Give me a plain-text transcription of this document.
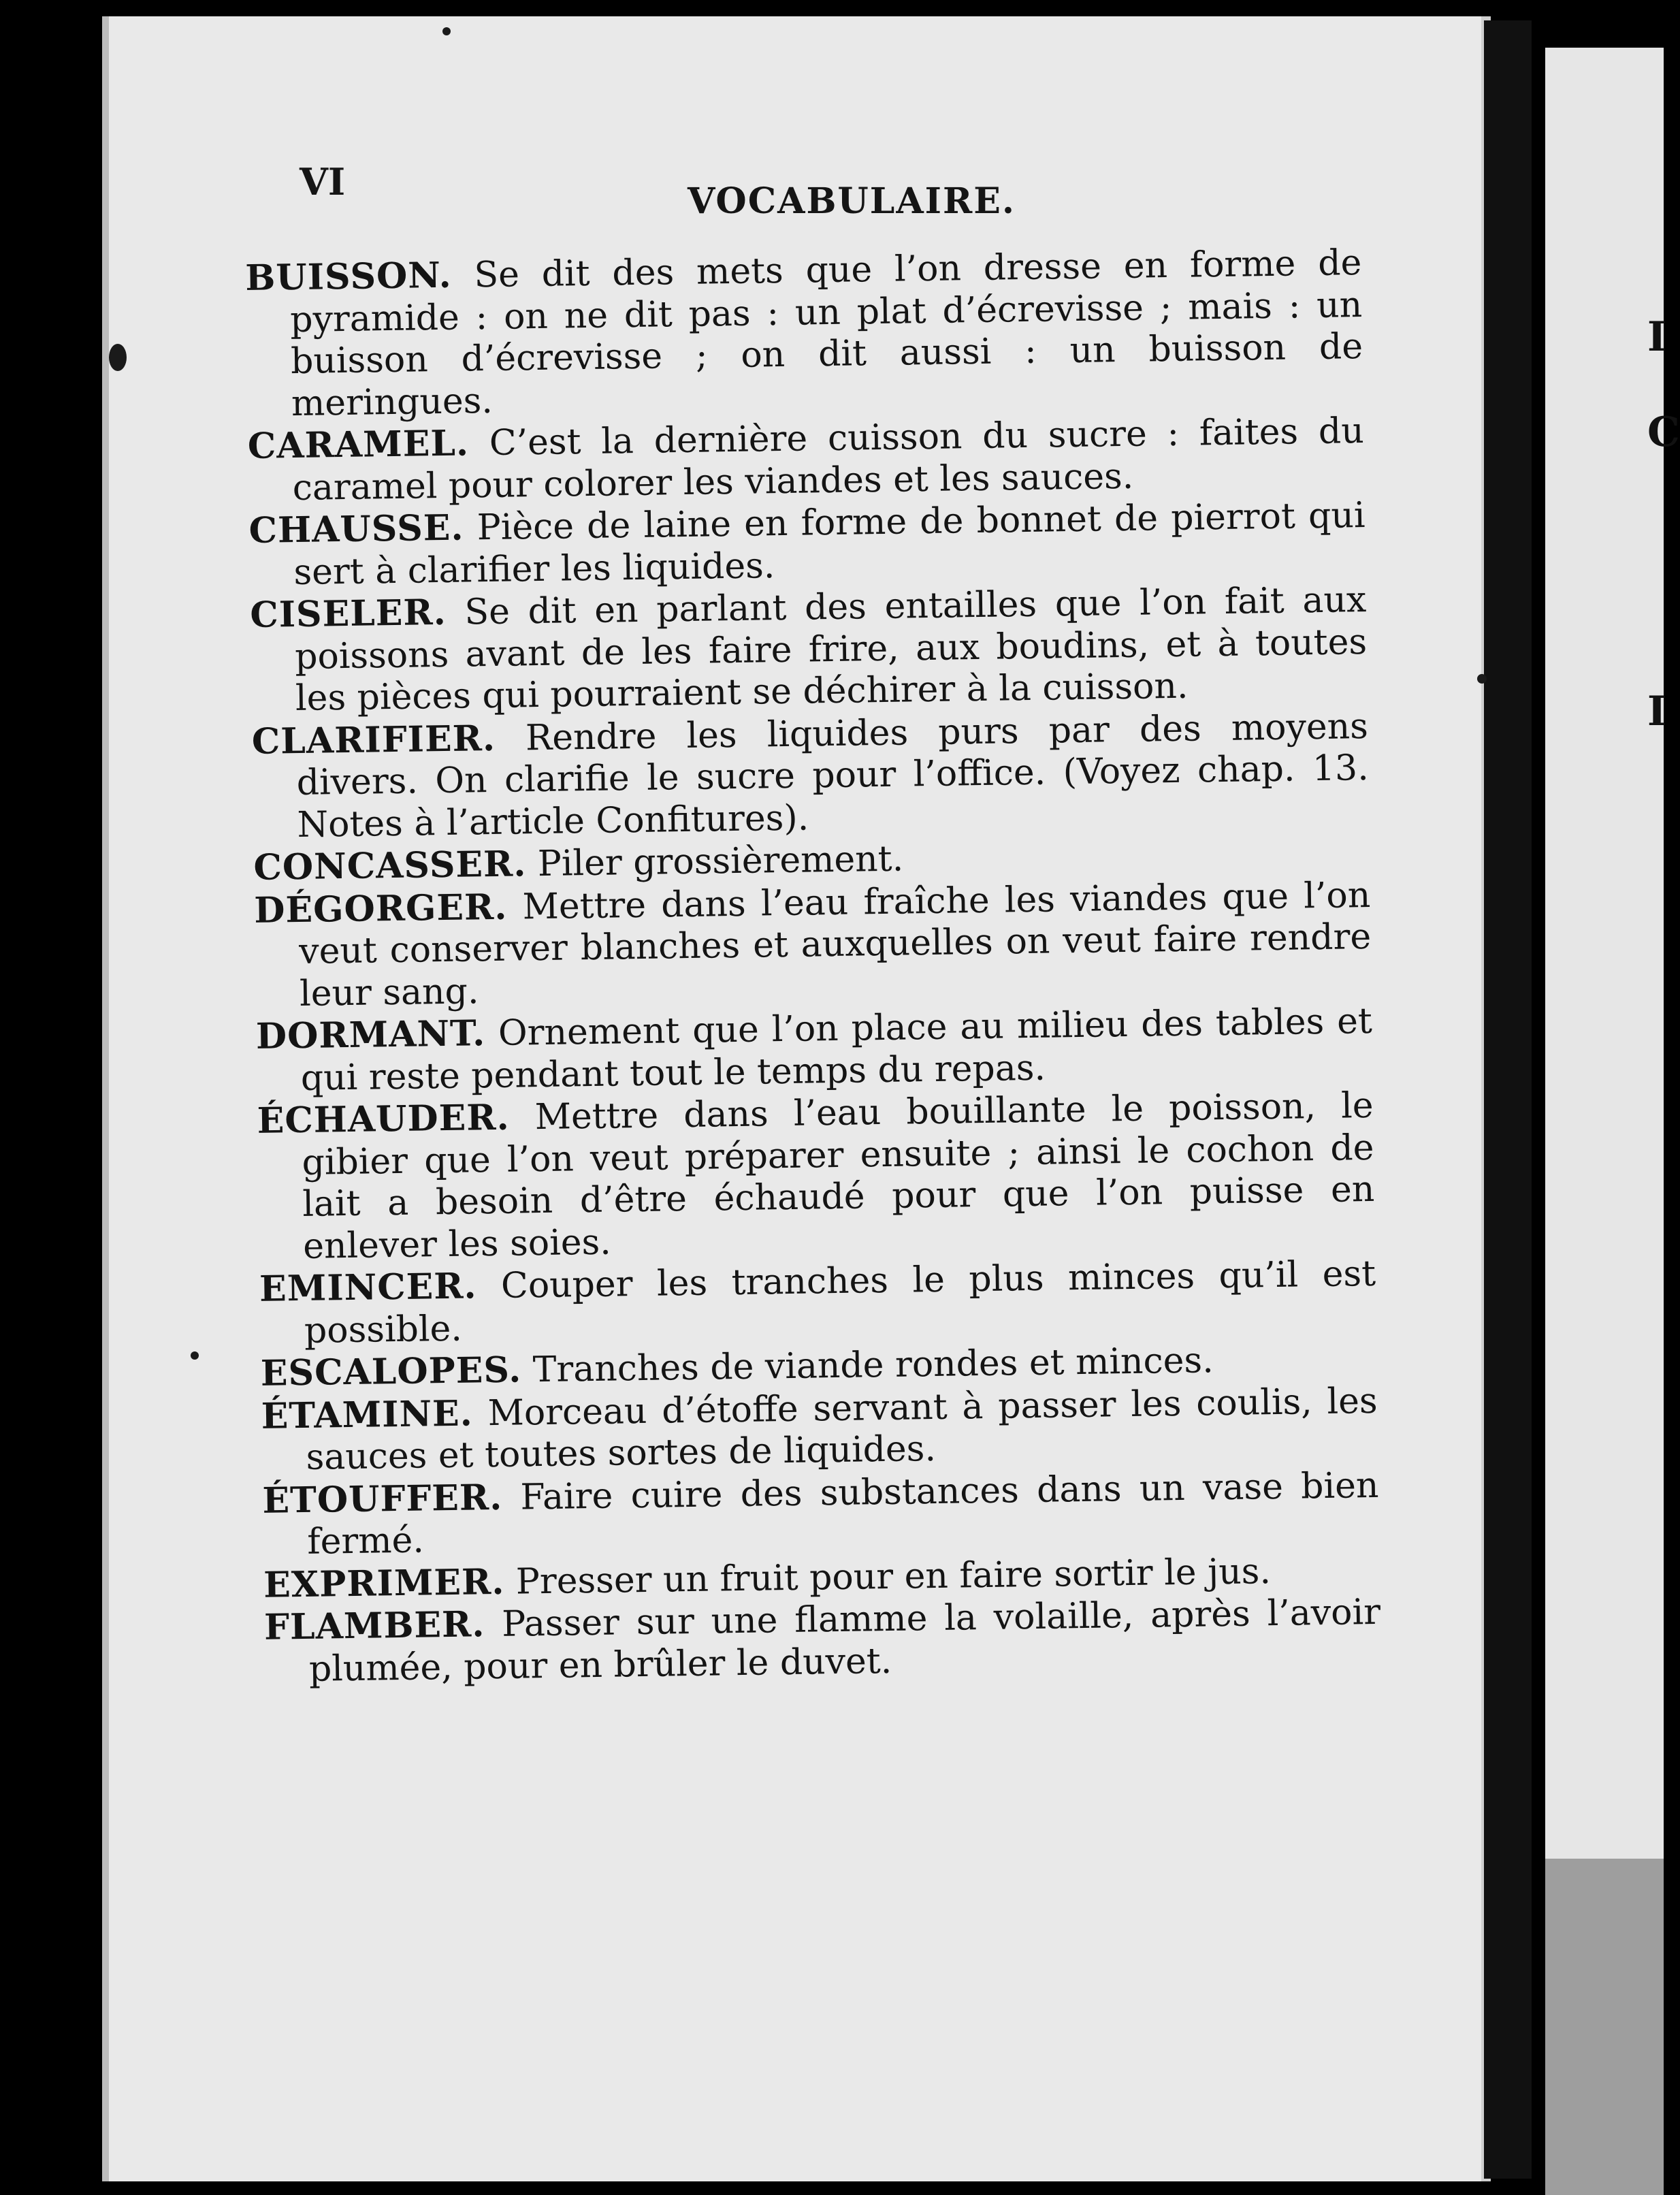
I
C
I
VI	VOCABULAIRE.

BUISSON. Se dit des mets que l’on dresse en forme de pyramide : on ne dit pas : un plat d’écrevisse ; mais : un buisson d’écrevisse ; on dit aussi : un buisson de meringues.

CARAMEL. C’est la dernière cuisson du sucre : faites du caramel pour colorer les viandes et les sauces.

CHAUSSE. Pièce de laine en forme de bonnet de pierrot qui sert à clarifier les liquides.

CISELER. Se dit en parlant des entailles que l’on fait aux poissons avant de les faire frire, aux boudins, et à toutes les pièces qui pourraient se déchirer à la cuisson.

CLARIFIER. Rendre les liquides purs par des moyens divers. On clarifie le sucre pour l’office. (Voyez chap. 13. Notes à l’article Confitures).

CONCASSER. Piler grossièrement.

DÉGORGER. Mettre dans l’eau fraîche les viandes que l’on veut conserver blanches et auxquelles on veut faire rendre leur sang.

DORMANT. Ornement que l’on place au milieu des tables et qui reste pendant tout le temps du repas.

ÉCHAUDER. Mettre dans l’eau bouillante le poisson, le gibier que l’on veut préparer ensuite ; ainsi le cochon de lait a besoin d’être échaudé pour que l’on puisse en enlever les soies.

EMINCER. Couper les tranches le plus minces qu’il est possible.

ESCALOPES. Tranches de viande rondes et minces.

ÉTAMINE. Morceau d’étoffe servant à passer les coulis, les sauces et toutes sortes de liquides.

ÉTOUFFER. Faire cuire des substances dans un vase bien fermé.

EXPRIMER. Presser un fruit pour en faire sortir le jus.

FLAMBER. Passer sur une flamme la volaille, après l’avoir plumée, pour en brûler le duvet.
